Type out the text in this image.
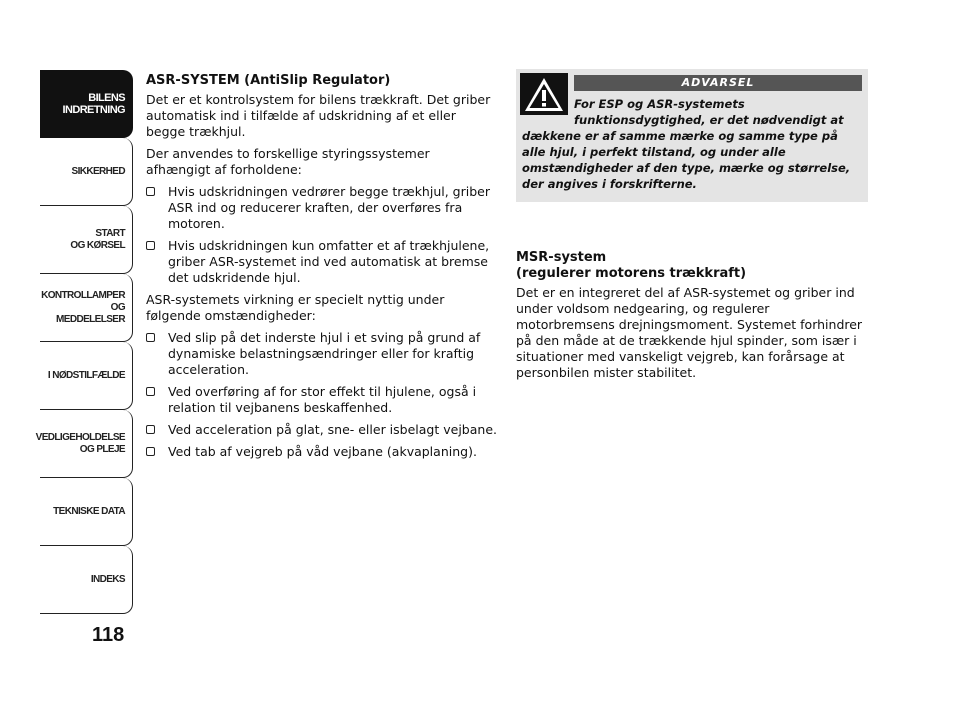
BILENS
INDRETNING
SIKKERHED
START
OG KØRSEL
KONTROLLAMPER
OG MEDDELELSER
I NØDSTILFÆLDE
VEDLIGEHOLDELSE
OG PLEJE
TEKNISKE DATA
INDEKS
118
ASR-SYSTEM (AntiSlip Regulator)

Det er et kontrolsystem for bilens trækkraft. Det griber automatisk ind i tilfælde af udskridning af et eller begge trækhjul.

Der anvendes to forskellige styringssystemer afhængigt af forholdene:

Hvis udskridningen vedrører begge trækhjul, griber ASR ind og reducerer kraften, der overføres fra motoren.
Hvis udskridningen kun omfatter et af trækhjulene, griber ASR-systemet ind ved automatisk at bremse det udskridende hjul.

ASR-systemets virkning er specielt nyttig under følgende omstændigheder:

Ved slip på det inderste hjul i et sving på grund af dynamiske belastningsændringer eller for kraftig acceleration.
Ved overføring af for stor effekt til hjulene, også i relation til vejbanens beskaffenhed.
Ved acceleration på glat, sne- eller isbelagt vejbane.
Ved tab af vejgreb på våd vejbane (akvaplaning).
ADVARSEL
For ESP og ASR-systemets
funktionsdygtighed, er det nødvendigt at
dækkene er af samme mærke og samme type på alle hjul, i perfekt tilstand, og under alle omstændigheder af den type, mærke og størrelse, der angives i forskrifterne.
MSR-system
(regulerer motorens trækkraft)

Det er en integreret del af ASR-systemet og griber ind under voldsom nedgearing, og regulerer motorbremsens drejningsmoment. Systemet forhindrer på den måde at de trækkende hjul spinder, som især i situationer med vanskeligt vejgreb, kan forårsage at personbilen mister stabilitet.
